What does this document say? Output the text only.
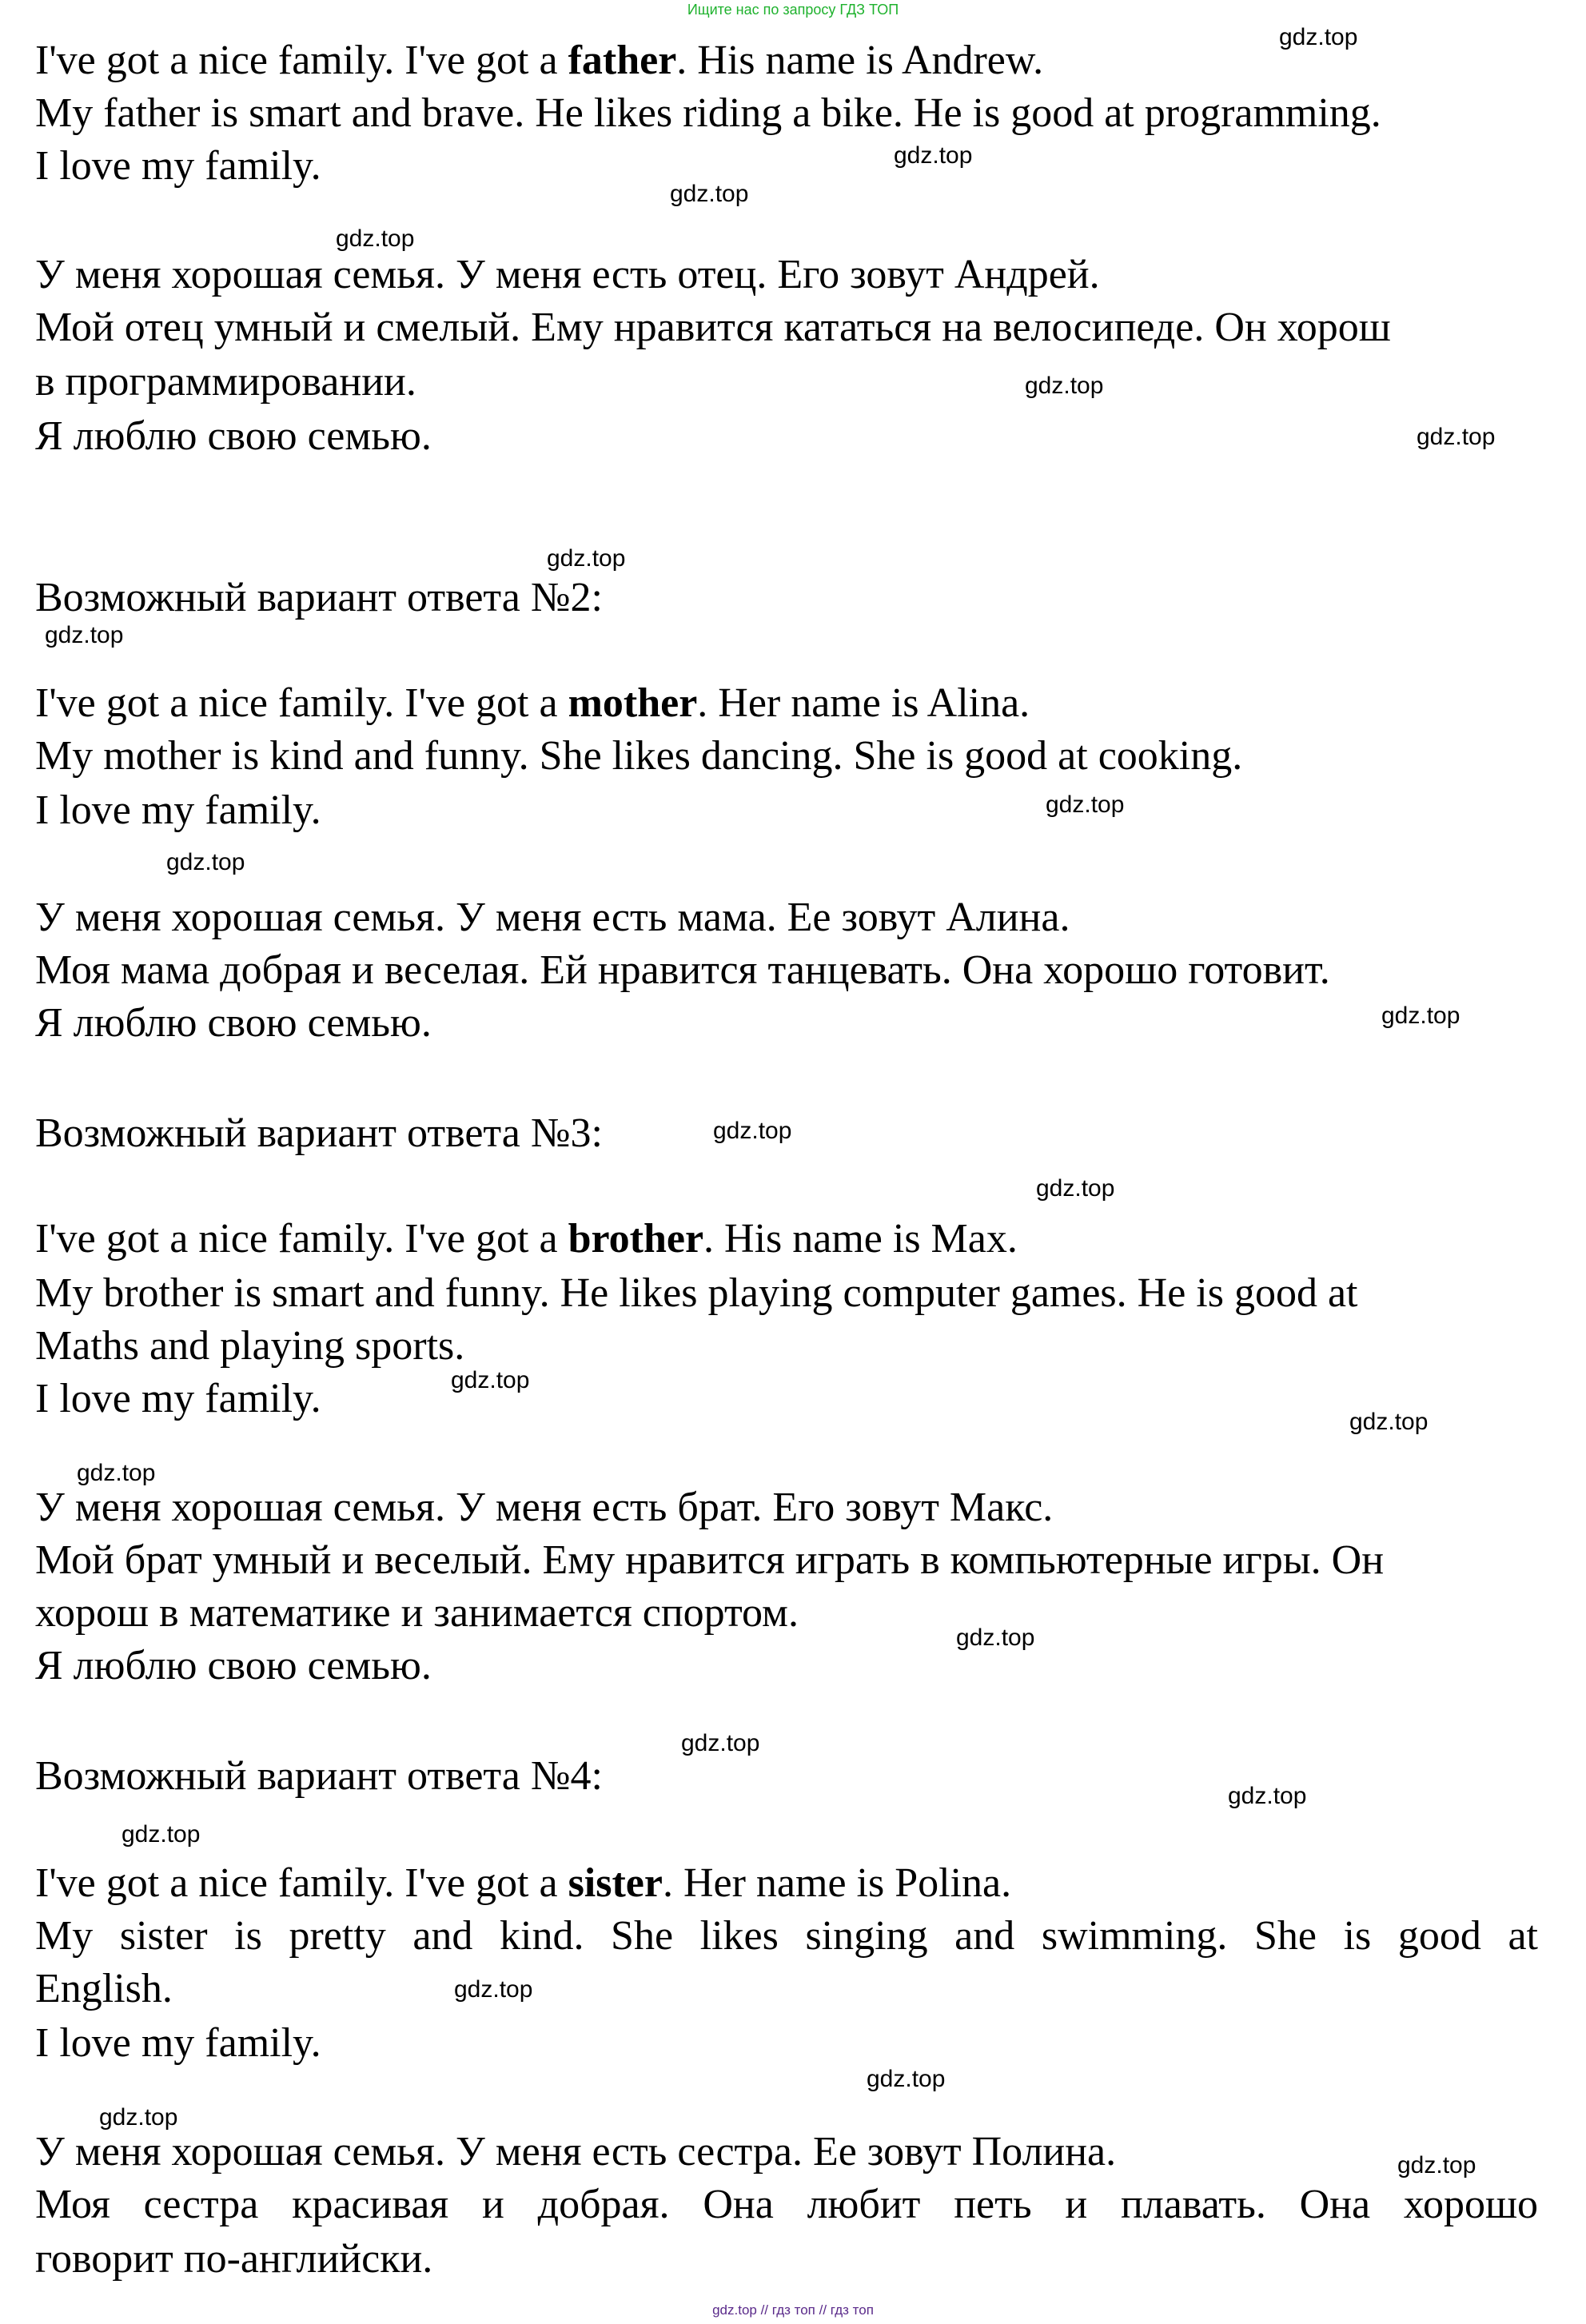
Ищите нас по запросу ГДЗ ТОП
I've got a nice family. I've got a father. His name is Andrew.
My father is smart and brave. He likes riding a bike. He is good at programming.
I love my family.
У меня хорошая семья. У меня есть отец. Его зовут Андрей.
Мой отец умный и смелый. Ему нравится кататься на велосипеде. Он хорош
в программировании.
Я люблю свою семью.
Возможный вариант ответа №2:
I've got a nice family. I've got a mother. Her name is Alina.
My mother is kind and funny. She likes dancing. She is good at cooking.
I love my family.
У меня хорошая семья. У меня есть мама. Ее зовут Алина.
Моя мама добрая и веселая. Ей нравится танцевать. Она хорошо готовит.
Я люблю свою семью.
Возможный вариант ответа №3:
I've got a nice family. I've got a brother. His name is Max.
My brother is smart and funny. He likes playing computer games. He is good at
Maths and playing sports.
I love my family.
У меня хорошая семья. У меня есть брат. Его зовут Макс.
Мой брат умный и веселый. Ему нравится играть в компьютерные игры. Он
хорош в математике и занимается спортом.
Я люблю свою семью.
Возможный вариант ответа №4:
I've got a nice family. I've got a sister. Her name is Polina.
My sister is pretty and kind. She likes singing and swimming. She is good at
English.
I love my family.
У меня хорошая семья. У меня есть сестра. Ее зовут Полина.
Моя сестра красивая и добрая. Она любит петь и плавать. Она хорошо
говорит по-английски.
gdz.top
gdz.top
gdz.top
gdz.top
gdz.top
gdz.top
gdz.top
gdz.top
gdz.top
gdz.top
gdz.top
gdz.top
gdz.top
gdz.top
gdz.top
gdz.top
gdz.top
gdz.top
gdz.top
gdz.top
gdz.top
gdz.top
gdz.top
gdz.top
gdz.top // гдз топ // гдз топ
